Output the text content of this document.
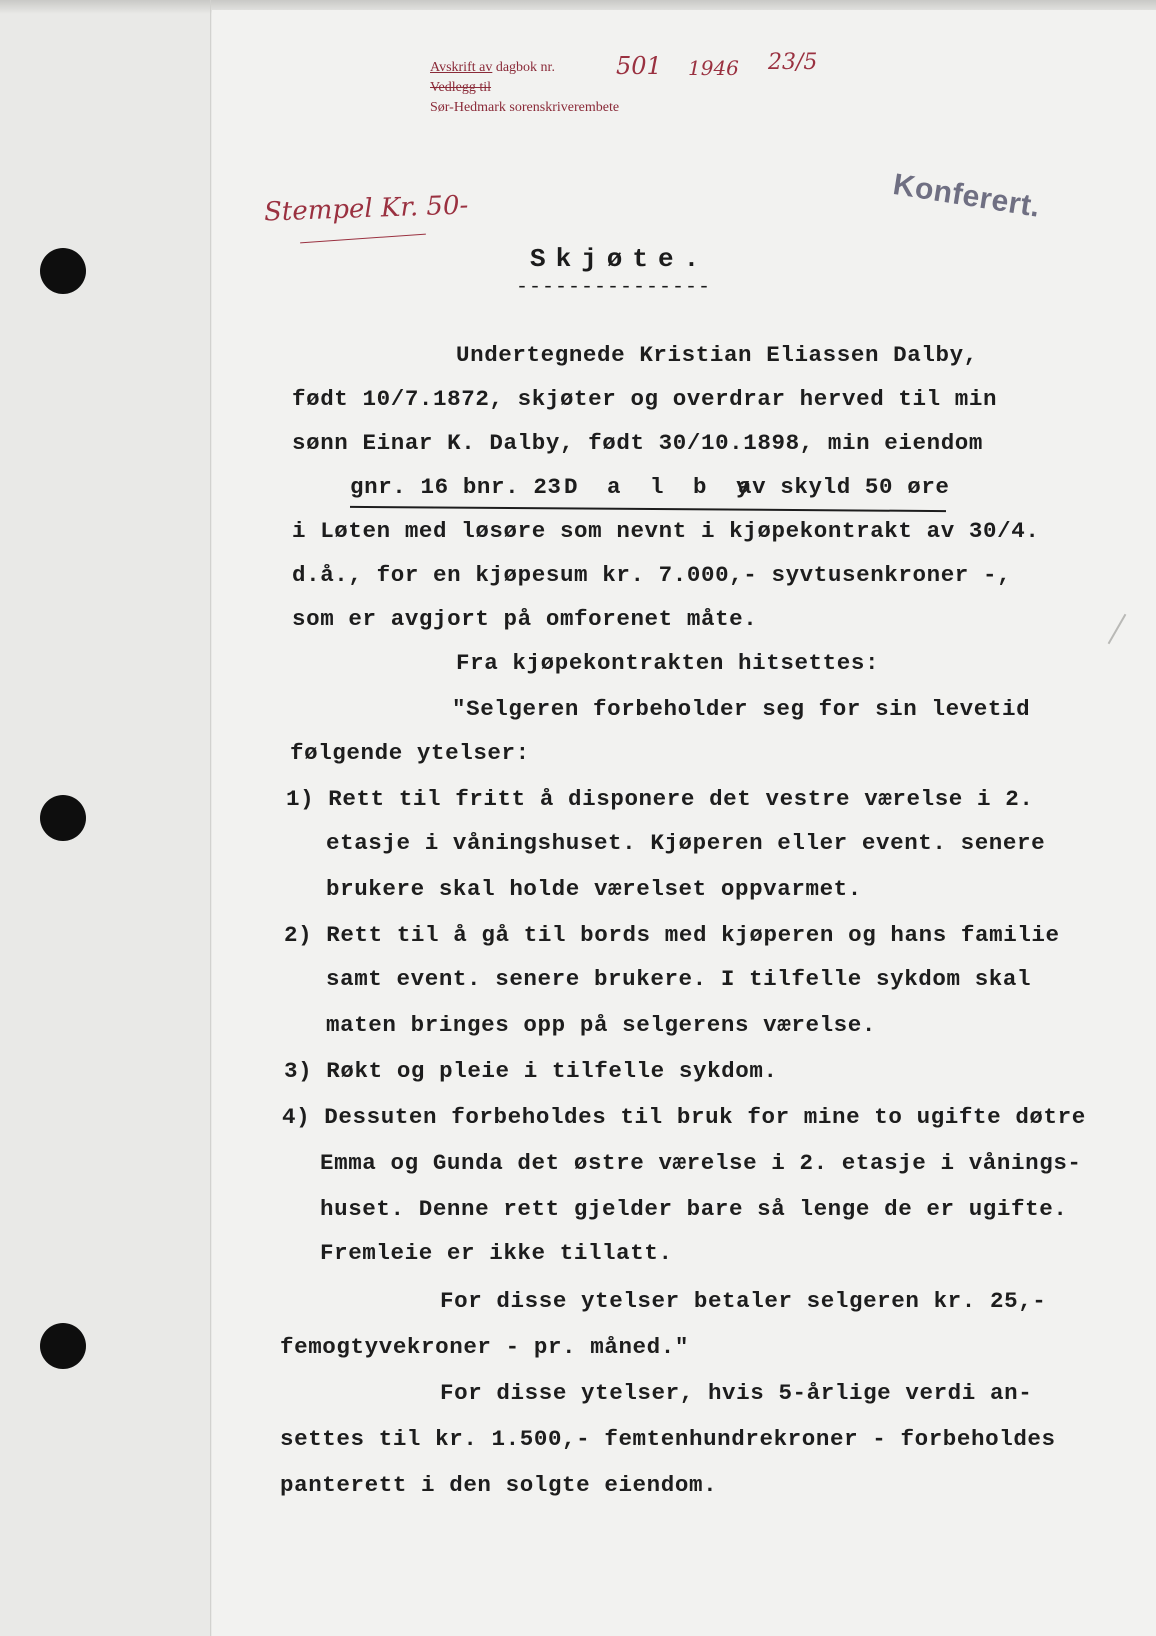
Avskrift av dagbok nr.
Vedlegg til
Sør-Hedmark sorenskriverembete
501 1946 23/5
Konferert.
Stempel Kr. 50-
Skjøte.
---------------
Undertegnede Kristian Eliassen Dalby,
født 10/7.1872, skjøter og overdrar herved til min
sønn Einar K. Dalby, født 30/10.1898, min eiendom
gnr. 16 bnr. 23 D a l b y
av skyld 50 øre
i Løten med løsøre som nevnt i kjøpekontrakt av 30/4.
d.å., for en kjøpesum kr. 7.000,- syvtusenkroner -,
som er avgjort på omforenet måte.
Fra kjøpekontrakten hitsettes:
"Selgeren forbeholder seg for sin levetid
følgende ytelser:
1) Rett til fritt å disponere det vestre værelse i 2.
etasje i våningshuset. Kjøperen eller event. senere
brukere skal holde værelset oppvarmet.
2) Rett til å gå til bords med kjøperen og hans familie
samt event. senere brukere. I tilfelle sykdom skal
maten bringes opp på selgerens værelse.
3) Røkt og pleie i tilfelle sykdom.
4) Dessuten forbeholdes til bruk for mine to ugifte døtre
Emma og Gunda det østre værelse i 2. etasje i vånings-
huset. Denne rett gjelder bare så lenge de er ugifte.
Fremleie er ikke tillatt.
For disse ytelser betaler selgeren kr. 25,-
femogtyvekroner - pr. måned."
For disse ytelser, hvis 5-årlige verdi an-
settes til kr. 1.500,- femtenhundrekroner - forbeholdes
panterett i den solgte eiendom.
